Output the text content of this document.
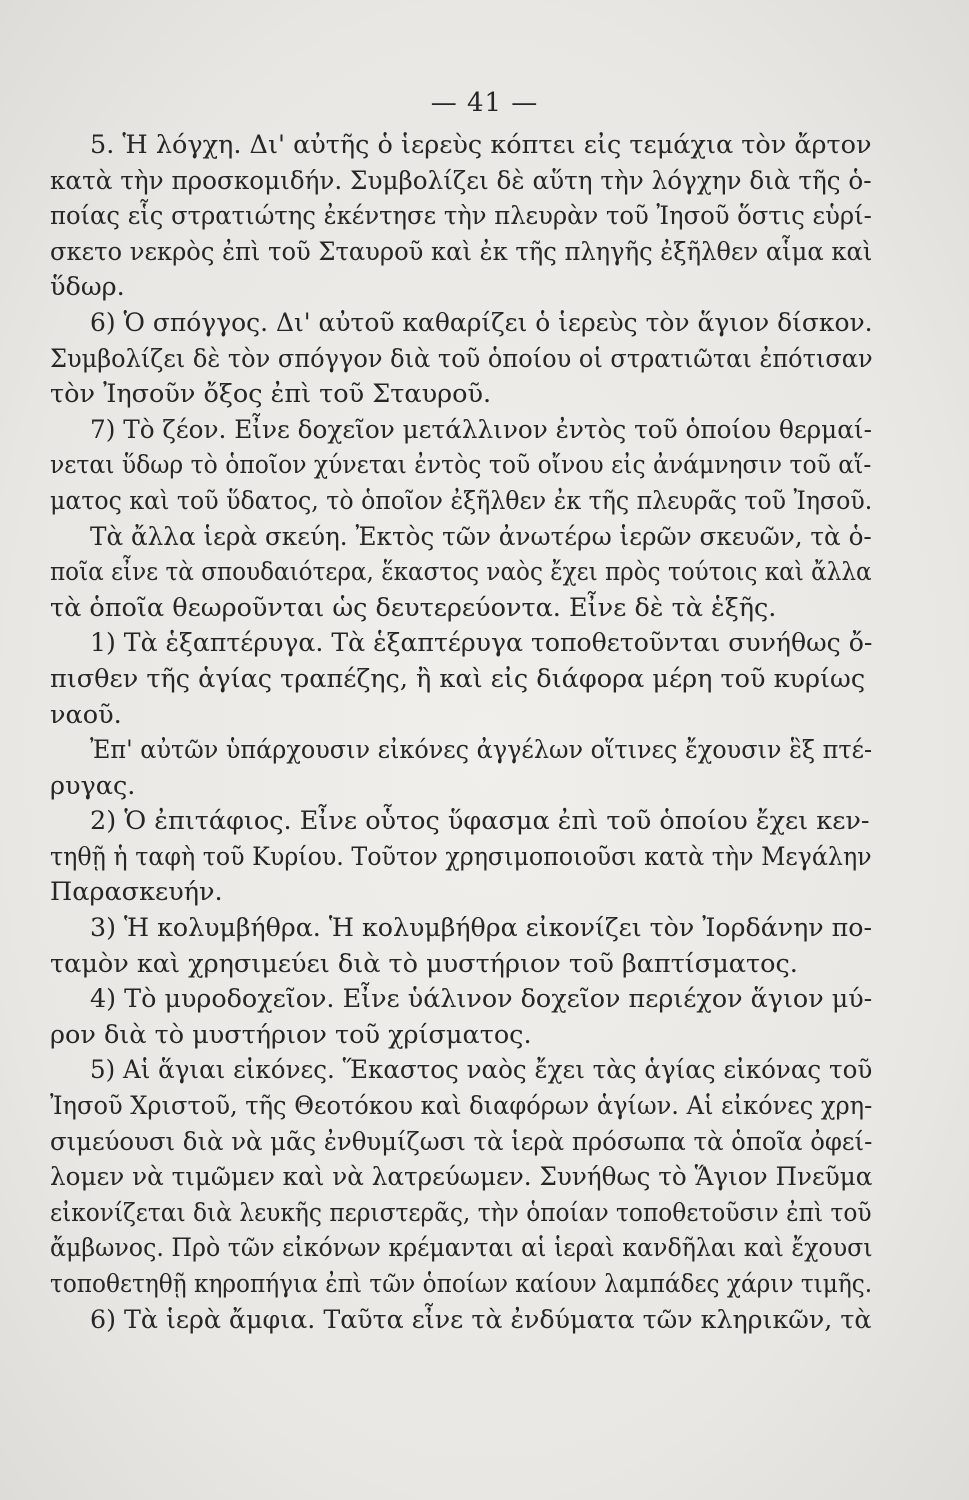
— 41 —
5. Ἡ λόγχη. Δι' αὐτῆς ὁ ἱερεὺς κόπτει εἰς τεμάχια τὸν ἄρτον
κατὰ τὴν προσκομιδήν. Συμβολίζει δὲ αὕτη τὴν λόγχην διὰ τῆς ὁ-
ποίας εἷς στρατιώτης ἐκέντησε τὴν πλευρὰν τοῦ Ἰησοῦ ὅστις εὑρί-
σκετο νεκρὸς ἐπὶ τοῦ Σταυροῦ καὶ ἐκ τῆς πληγῆς ἐξῆλθεν αἷμα καὶ
ὕδωρ.
6) Ὁ σπόγγος. Δι' αὐτοῦ καθαρίζει ὁ ἱερεὺς τὸν ἅγιον δίσκον.
Συμβολίζει δὲ τὸν σπόγγον διὰ τοῦ ὁποίου οἱ στρατιῶται ἐπότισαν
τὸν Ἰησοῦν ὄξος ἐπὶ τοῦ Σταυροῦ.
7) Τὸ ζέον. Εἶνε δοχεῖον μετάλλινον ἐντὸς τοῦ ὁποίου θερμαί-
νεται ὕδωρ τὸ ὁποῖον χύνεται ἐντὸς τοῦ οἴνου εἰς ἀνάμνησιν τοῦ αἵ-
ματος καὶ τοῦ ὕδατος, τὸ ὁποῖον ἐξῆλθεν ἐκ τῆς πλευρᾶς τοῦ Ἰησοῦ.
Τὰ ἄλλα ἱερὰ σκεύη. Ἐκτὸς τῶν ἀνωτέρω ἱερῶν σκευῶν, τὰ ὁ-
ποῖα εἶνε τὰ σπουδαιότερα, ἕκαστος ναὸς ἔχει πρὸς τούτοις καὶ ἄλλα
τὰ ὁποῖα θεωροῦνται ὡς δευτερεύοντα. Εἶνε δὲ τὰ ἑξῆς.
1) Τὰ ἑξαπτέρυγα. Τὰ ἑξαπτέρυγα τοποθετοῦνται συνήθως ὄ-
πισθεν τῆς ἁγίας τραπέζης, ἢ καὶ εἰς διάφορα μέρη τοῦ κυρίως
ναοῦ.
Ἐπ' αὐτῶν ὑπάρχουσιν εἰκόνες ἀγγέλων οἵτινες ἔχουσιν ἓξ πτέ-
ρυγας.
2) Ὁ ἐπιτάφιος. Εἶνε οὗτος ὕφασμα ἐπὶ τοῦ ὁποίου ἔχει κεν-
τηθῇ ἡ ταφὴ τοῦ Κυρίου. Τοῦτον χρησιμοποιοῦσι κατὰ τὴν Μεγάλην
Παρασκευήν.
3) Ἡ κολυμβήθρα. Ἡ κολυμβήθρα εἰκονίζει τὸν Ἰορδάνην πο-
ταμὸν καὶ χρησιμεύει διὰ τὸ μυστήριον τοῦ βαπτίσματος.
4) Τὸ μυροδοχεῖον. Εἶνε ὑάλινον δοχεῖον περιέχον ἅγιον μύ-
ρον διὰ τὸ μυστήριον τοῦ χρίσματος.
5) Αἱ ἅγιαι εἰκόνες. Ἕκαστος ναὸς ἔχει τὰς ἁγίας εἰκόνας τοῦ
Ἰησοῦ Χριστοῦ, τῆς Θεοτόκου καὶ διαφόρων ἁγίων. Αἱ εἰκόνες χρη-
σιμεύουσι διὰ νὰ μᾶς ἐνθυμίζωσι τὰ ἱερὰ πρόσωπα τὰ ὁποῖα ὀφεί-
λομεν νὰ τιμῶμεν καὶ νὰ λατρεύωμεν. Συνήθως τὸ Ἅγιον Πνεῦμα
εἰκονίζεται διὰ λευκῆς περιστερᾶς, τὴν ὁποίαν τοποθετοῦσιν ἐπὶ τοῦ
ἄμβωνος. Πρὸ τῶν εἰκόνων κρέμανται αἱ ἱεραὶ κανδῆλαι καὶ ἔχουσι
τοποθετηθῇ κηροπήγια ἐπὶ τῶν ὁποίων καίουν λαμπάδες χάριν τιμῆς.
6) Τὰ ἱερὰ ἄμφια. Ταῦτα εἶνε τὰ ἐνδύματα τῶν κληρικῶν, τὰ
